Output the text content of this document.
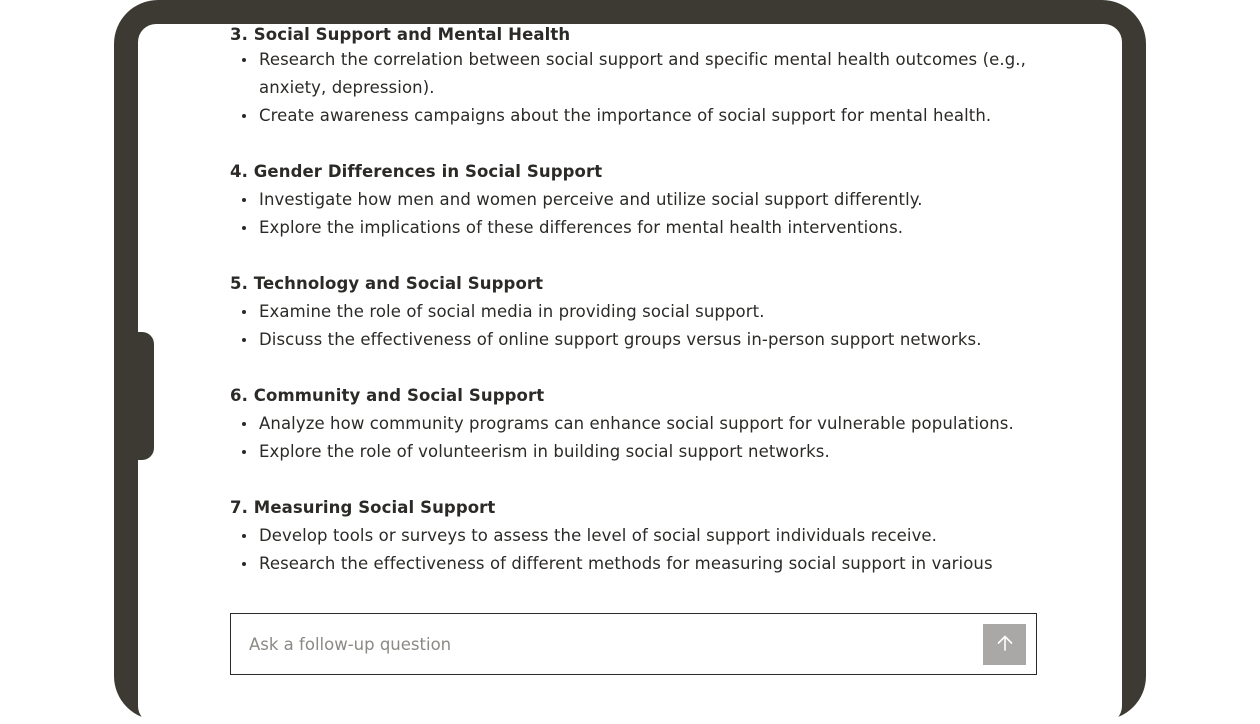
3. Social Support and Mental Health
Research the correlation between social support and specific mental health outcomes (e.g., anxiety, depression).
Create awareness campaigns about the importance of social support for mental health.
4. Gender Differences in Social Support
Investigate how men and women perceive and utilize social support differently.
Explore the implications of these differences for mental health interventions.
5. Technology and Social Support
Examine the role of social media in providing social support.
Discuss the effectiveness of online support groups versus in-person support networks.
6. Community and Social Support
Analyze how community programs can enhance social support for vulnerable populations.
Explore the role of volunteerism in building social support networks.
7. Measuring Social Support
Develop tools or surveys to assess the level of social support individuals receive.
Research the effectiveness of different methods for measuring social support in various
Ask a follow-up question
